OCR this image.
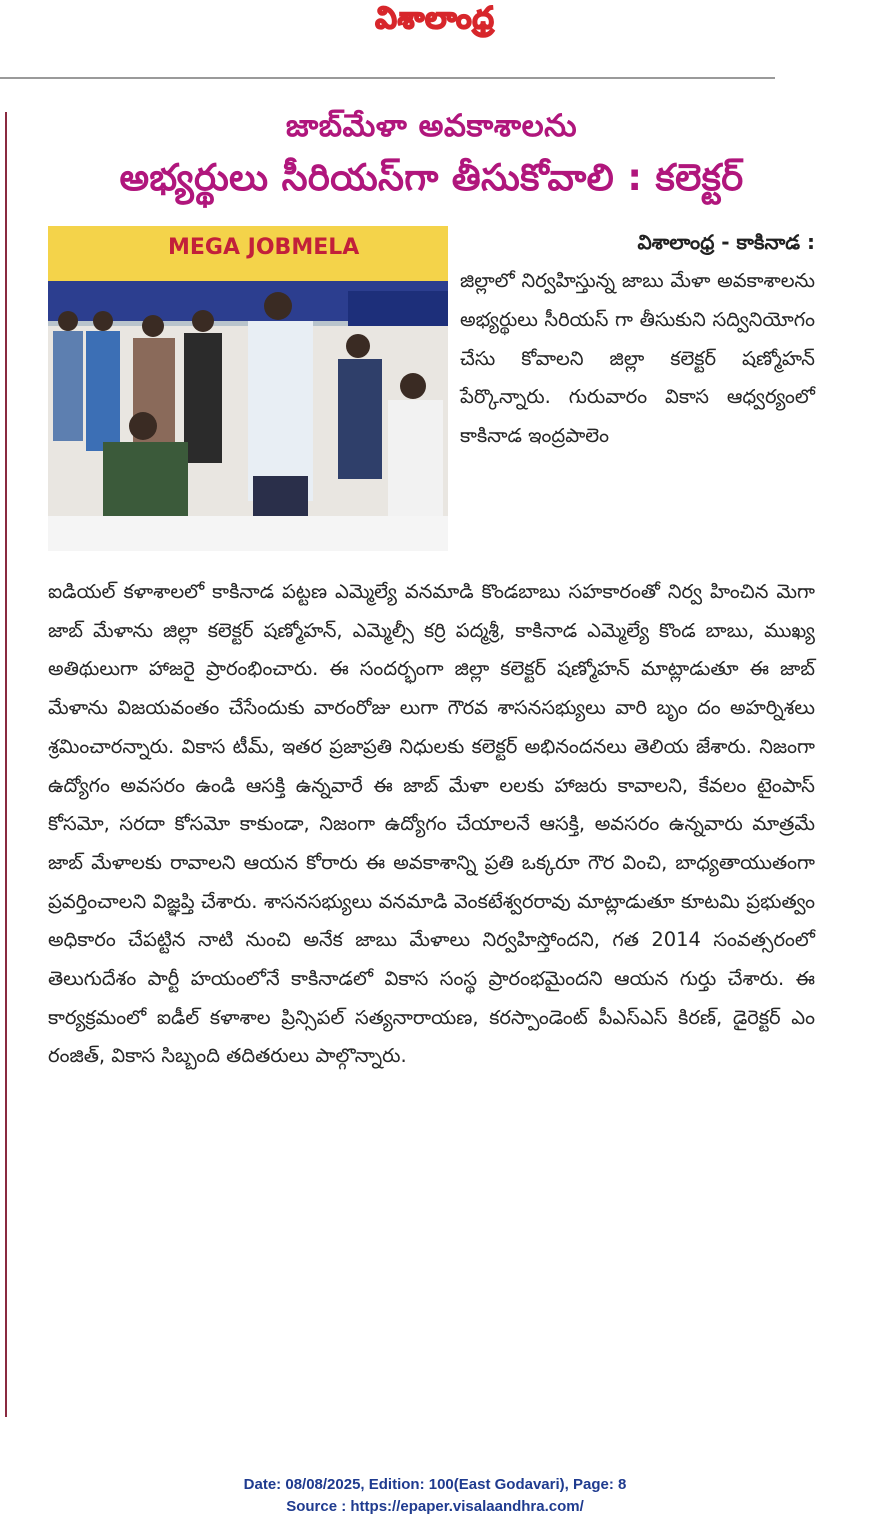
విశాలాంధ్ర
జాబ్‌మేళా అవకాశాలను
అభ్యర్థులు సీరియస్‌గా తీసుకోవాలి : కలెక్టర్
MEGA JOBMELA	విశాలాంధ్ర - కాకినాడ :
జిల్లాలో నిర్వహిస్తున్న జాబు మేళా అవకాశాలను అభ్యర్థులు సీరియస్ గా తీసుకుని సద్వినియోగం చేసు కోవాలని జిల్లా కలెక్టర్ షణ్మోహన్ పేర్కొన్నారు. గురువారం వికాస ఆధ్వర్యంలో కాకినాడ ఇంద్రపాలెం
ఐడియల్ కళాశాలలో కాకినాడ పట్టణ ఎమ్మెల్యే వనమాడి కొండబాబు సహకారంతో నిర్వ హించిన మెగా జాబ్ మేళాను జిల్లా కలెక్టర్ షణ్మోహన్, ఎమ్మెల్సీ కర్రి పద్మశ్రీ, కాకినాడ ఎమ్మెల్యే కొండ బాబు, ముఖ్య అతిథులుగా హాజరై ప్రారంభించారు. ఈ సందర్భంగా జిల్లా కలెక్టర్ షణ్మోహన్ మాట్లాడుతూ ఈ జాబ్ మేళాను విజయవంతం చేసేందుకు వారంరోజు లుగా గౌరవ శాసనసభ్యులు వారి బృం దం అహర్నిశలు శ్రమించారన్నారు. వికాస టీమ్, ఇతర ప్రజాప్రతి నిధులకు కలెక్టర్ అభినందనలు తెలియ జేశారు. నిజంగా ఉద్యోగం అవసరం ఉండి ఆసక్తి ఉన్నవారే ఈ జాబ్ మేళా లలకు హాజరు కావాలని, కేవలం టైంపాస్ కోసమో, సరదా కోసమో కాకుండా, నిజంగా ఉద్యోగం చేయాలనే ఆసక్తి, అవసరం ఉన్నవారు మాత్రమే జాబ్ మేళాలకు రావాలని ఆయన కోరారు ఈ అవకాశాన్ని ప్రతి ఒక్కరూ గౌర వించి, బాధ్యతాయుతంగా ప్రవర్తించాలని విజ్ఞప్తి చేశారు. శాసనసభ్యులు వనమాడి వెంకటేశ్వరరావు మాట్లాడుతూ కూటమి ప్రభుత్వం అధికారం చేపట్టిన నాటి నుంచి అనేక జాబు మేళాలు నిర్వహిస్తోందని, గత 2014 సంవత్సరంలో తెలుగుదేశం పార్టీ హయంలోనే కాకినాడలో వికాస సంస్థ ప్రారంభమైందని ఆయన గుర్తు చేశారు. ఈ కార్యక్రమంలో ఐడీల్ కళాశాల ప్రిన్సిపల్ సత్యనారాయణ, కరస్పాండెంట్ పీఎస్ఎస్ కిరణ్, డైరెక్టర్ ఎం రంజిత్, వికాస సిబ్బంది తదితరులు పాల్గొన్నారు.
Date: 08/08/2025, Edition: 100(East Godavari), Page: 8
Source : https://epaper.visalaandhra.com/
